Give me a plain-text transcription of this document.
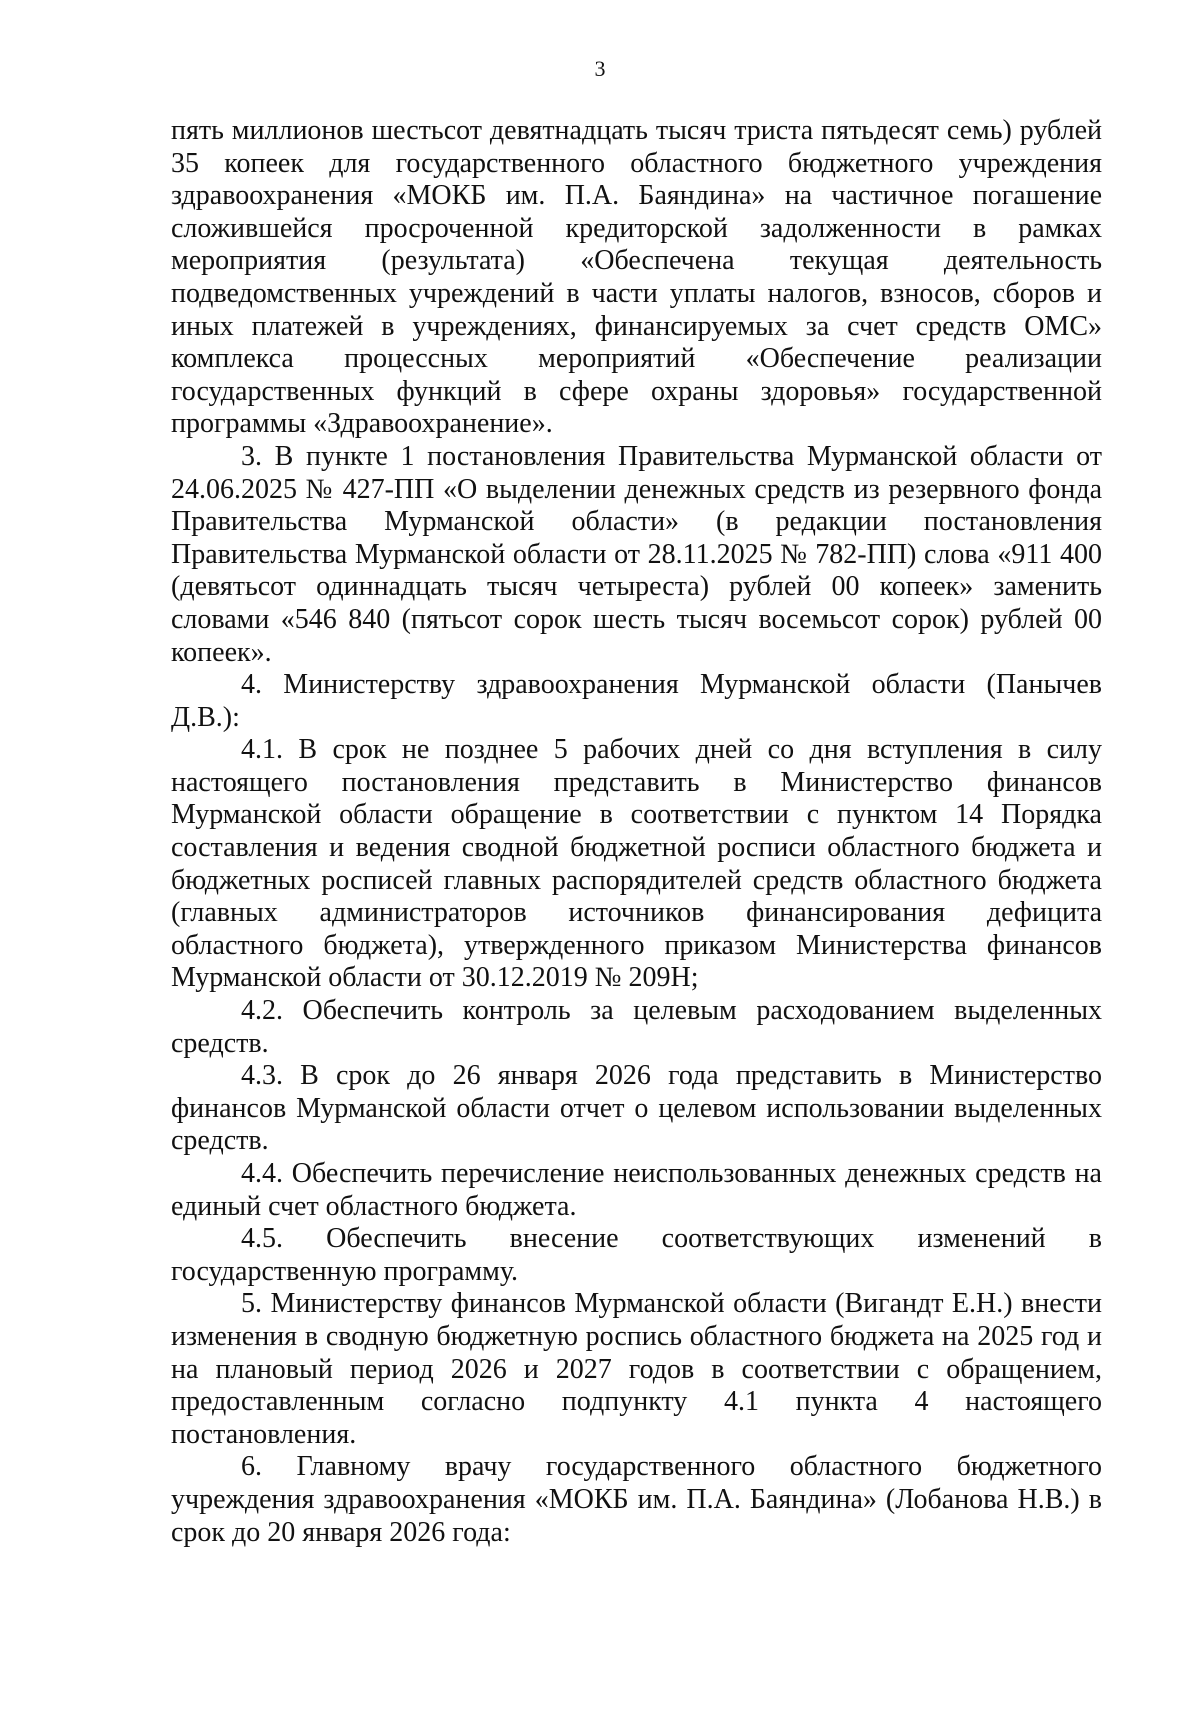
3

пять миллионов шестьсот девятнадцать тысяч триста пятьдесят семь) рублей 35 копеек для государственного областного бюджетного учреждения здравоохранения «МОКБ им. П.А. Баяндина» на частичное погашение сложившейся просроченной кредиторской задолженности в рамках мероприятия (результата) «Обеспечена текущая деятельность подведомственных учреждений в части уплаты налогов, взносов, сборов и иных платежей в учреждениях, финансируемых за счет средств ОМС» комплекса процессных мероприятий «Обеспечение реализации государственных функций в сфере охраны здоровья» государственной программы «Здравоохранение».

3. В пункте 1 постановления Правительства Мурманской области от 24.06.2025 № 427-ПП «О выделении денежных средств из резервного фонда Правительства Мурманской области» (в редакции постановления Правительства Мурманской области от 28.11.2025 № 782-ПП) слова «911 400 (девятьсот одиннадцать тысяч четыреста) рублей 00 копеек» заменить словами «546 840 (пятьсот сорок шесть тысяч восемьсот сорок) рублей 00 копеек».

4. Министерству здравоохранения Мурманской области (Панычев Д.В.):

4.1. В срок не позднее 5 рабочих дней со дня вступления в силу настоящего постановления представить в Министерство финансов Мурманской области обращение в соответствии с пунктом 14 Порядка составления и ведения сводной бюджетной росписи областного бюджета и бюджетных росписей главных распорядителей средств областного бюджета (главных администраторов источников финансирования дефицита областного бюджета), утвержденного приказом Министерства финансов Мурманской области от 30.12.2019 № 209Н;

4.2. Обеспечить контроль за целевым расходованием выделенных средств.

4.3. В срок до 26 января 2026 года представить в Министерство финансов Мурманской области отчет о целевом использовании выделенных средств.

4.4. Обеспечить перечисление неиспользованных денежных средств на единый счет областного бюджета.

4.5. Обеспечить внесение соответствующих изменений в государственную программу.

5. Министерству финансов Мурманской области (Вигандт Е.Н.) внести изменения в сводную бюджетную роспись областного бюджета на 2025 год и на плановый период 2026 и 2027 годов в соответствии с обращением, предоставленным согласно подпункту 4.1 пункта 4 настоящего постановления.

6. Главному врачу государственного областного бюджетного учреждения здравоохранения «МОКБ им. П.А. Баяндина» (Лобанова Н.В.) в срок до 20 января 2026 года:
